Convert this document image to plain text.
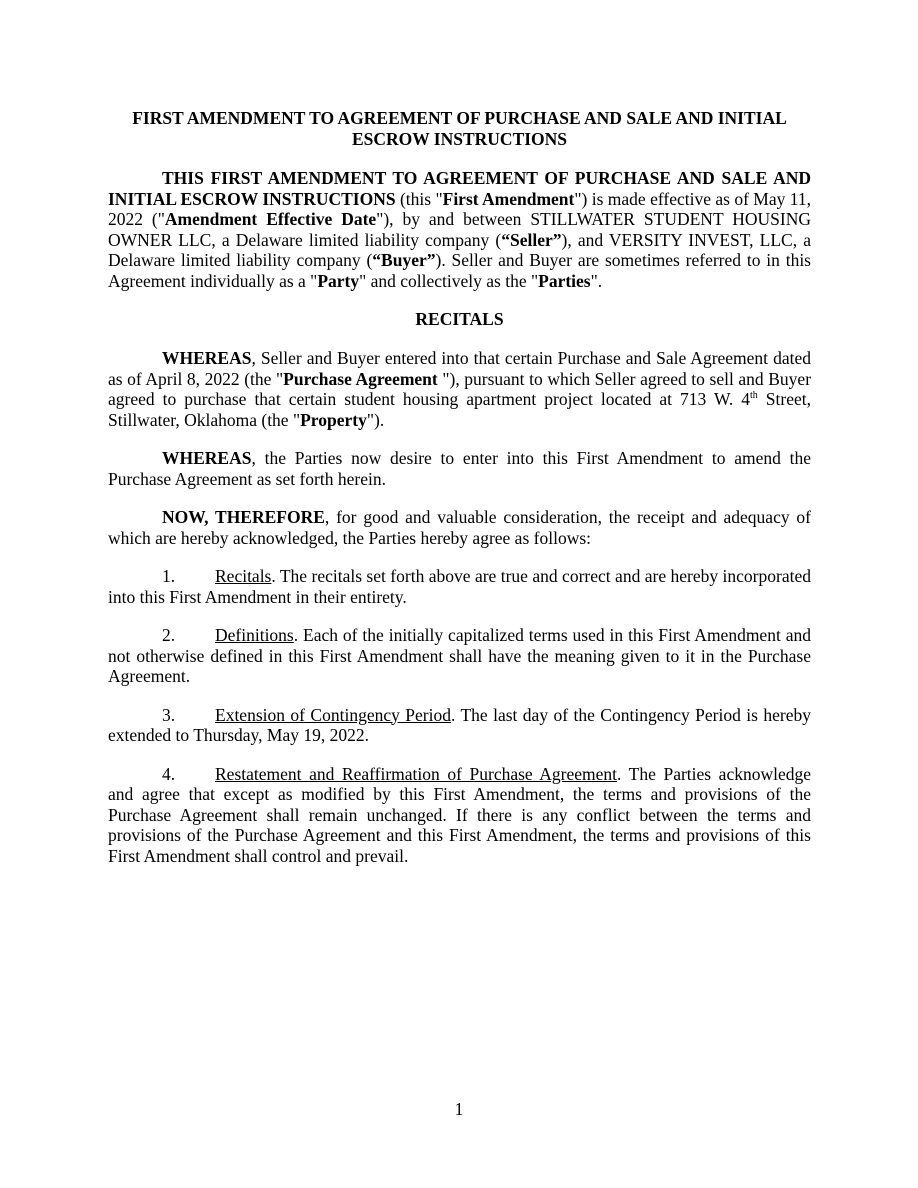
FIRST AMENDMENT TO AGREEMENT OF PURCHASE AND SALE AND INITIAL
ESCROW INSTRUCTIONS

THIS FIRST AMENDMENT TO AGREEMENT OF PURCHASE AND SALE AND INITIAL ESCROW INSTRUCTIONS (this "First Amendment") is made effective as of May 11, 2022 ("Amendment Effective Date"), by and between STILLWATER STUDENT HOUSING OWNER LLC, a Delaware limited liability company (“Seller”), and VERSITY INVEST, LLC, a Delaware limited liability company (“Buyer”). Seller and Buyer are sometimes referred to in this Agreement individually as a "Party" and collectively as the "Parties".

RECITALS

WHEREAS, Seller and Buyer entered into that certain Purchase and Sale Agreement dated as of April 8, 2022 (the "Purchase Agreement "), pursuant to which Seller agreed to sell and Buyer agreed to purchase that certain student housing apartment project located at 713 W. 4th Street, Stillwater, Oklahoma (the "Property").

WHEREAS, the Parties now desire to enter into this First Amendment to amend the Purchase Agreement as set forth herein.

NOW, THEREFORE, for good and valuable consideration, the receipt and adequacy of which are hereby acknowledged, the Parties hereby agree as follows:

1. Recitals. The recitals set forth above are true and correct and are hereby incorporated into this First Amendment in their entirety.

2. Definitions. Each of the initially capitalized terms used in this First Amendment and not otherwise defined in this First Amendment shall have the meaning given to it in the Purchase Agreement.

3. Extension of Contingency Period. The last day of the Contingency Period is hereby extended to Thursday, May 19, 2022.

4. Restatement and Reaffirmation of Purchase Agreement. The Parties acknowledge and agree that except as modified by this First Amendment, the terms and provisions of the Purchase Agreement shall remain unchanged. If there is any conflict between the terms and provisions of the Purchase Agreement and this First Amendment, the terms and provisions of this First Amendment shall control and prevail.

1
